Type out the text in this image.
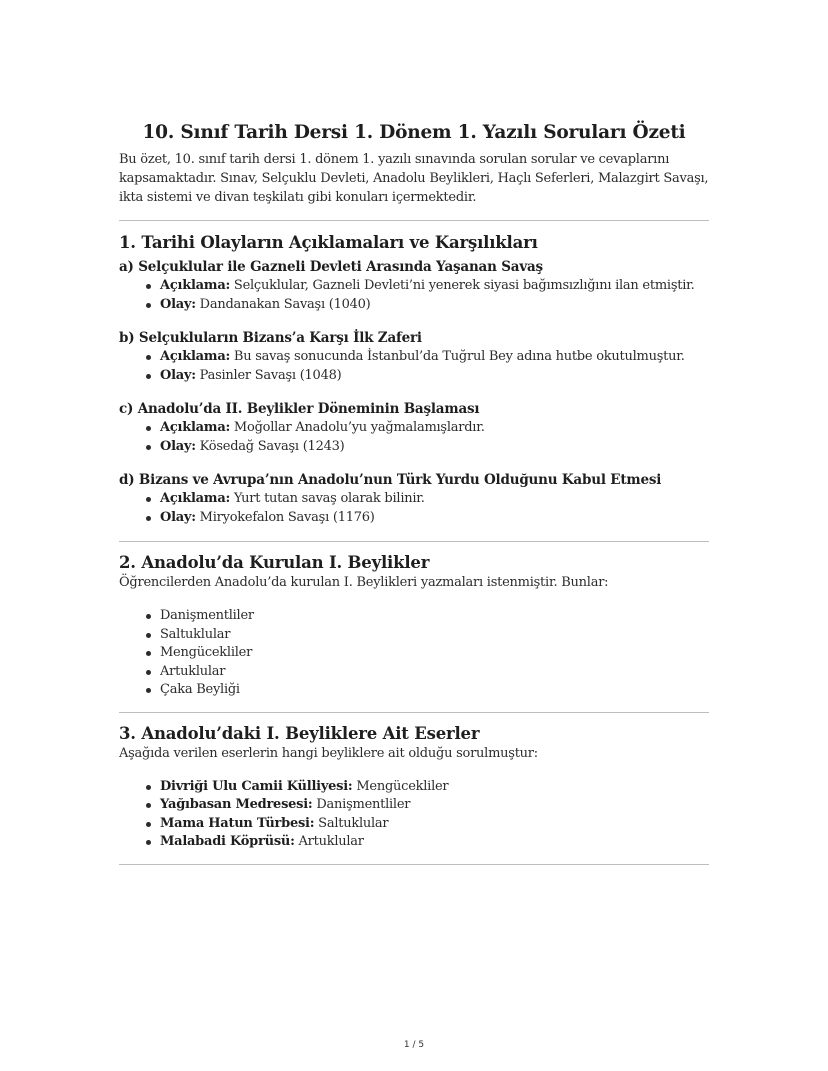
10. Sınıf Tarih Dersi 1. Dönem 1. Yazılı Soruları Özeti

Bu özet, 10. sınıf tarih dersi 1. dönem 1. yazılı sınavında sorulan sorular ve cevaplarını kapsamaktadır. Sınav, Selçuklu Devleti, Anadolu Beylikleri, Haçlı Seferleri, Malazgirt Savaşı, ikta sistemi ve divan teşkilatı gibi konuları içermektedir.

1. Tarihi Olayların Açıklamaları ve Karşılıkları
a) Selçuklular ile Gazneli Devleti Arasında Yaşanan Savaş
Açıklama: Selçuklular, Gazneli Devleti’ni yenerek siyasi bağımsızlığını ilan etmiştir.
Olay: Dandanakan Savaşı (1040)
b) Selçukluların Bizans’a Karşı İlk Zaferi
Açıklama: Bu savaş sonucunda İstanbul’da Tuğrul Bey adına hutbe okutulmuştur.
Olay: Pasinler Savaşı (1048)
c) Anadolu’da II. Beylikler Döneminin Başlaması
Açıklama: Moğollar Anadolu’yu yağmalamışlardır.
Olay: Kösedağ Savaşı (1243)
d) Bizans ve Avrupa’nın Anadolu’nun Türk Yurdu Olduğunu Kabul Etmesi
Açıklama: Yurt tutan savaş olarak bilinir.
Olay: Miryokefalon Savaşı (1176)
2. Anadolu’da Kurulan I. Beylikler

Öğrencilerden Anadolu’da kurulan I. Beylikleri yazmaları istenmiştir. Bunlar:

Danişmentliler
Saltuklular
Mengücekliler
Artuklular
Çaka Beyliği
3. Anadolu’daki I. Beyliklere Ait Eserler

Aşağıda verilen eserlerin hangi beyliklere ait olduğu sorulmuştur:

Divriği Ulu Camii Külliyesi: Mengücekliler
Yağıbasan Medresesi: Danişmentliler
Mama Hatun Türbesi: Saltuklular
Malabadi Köprüsü: Artuklular
1 / 5
